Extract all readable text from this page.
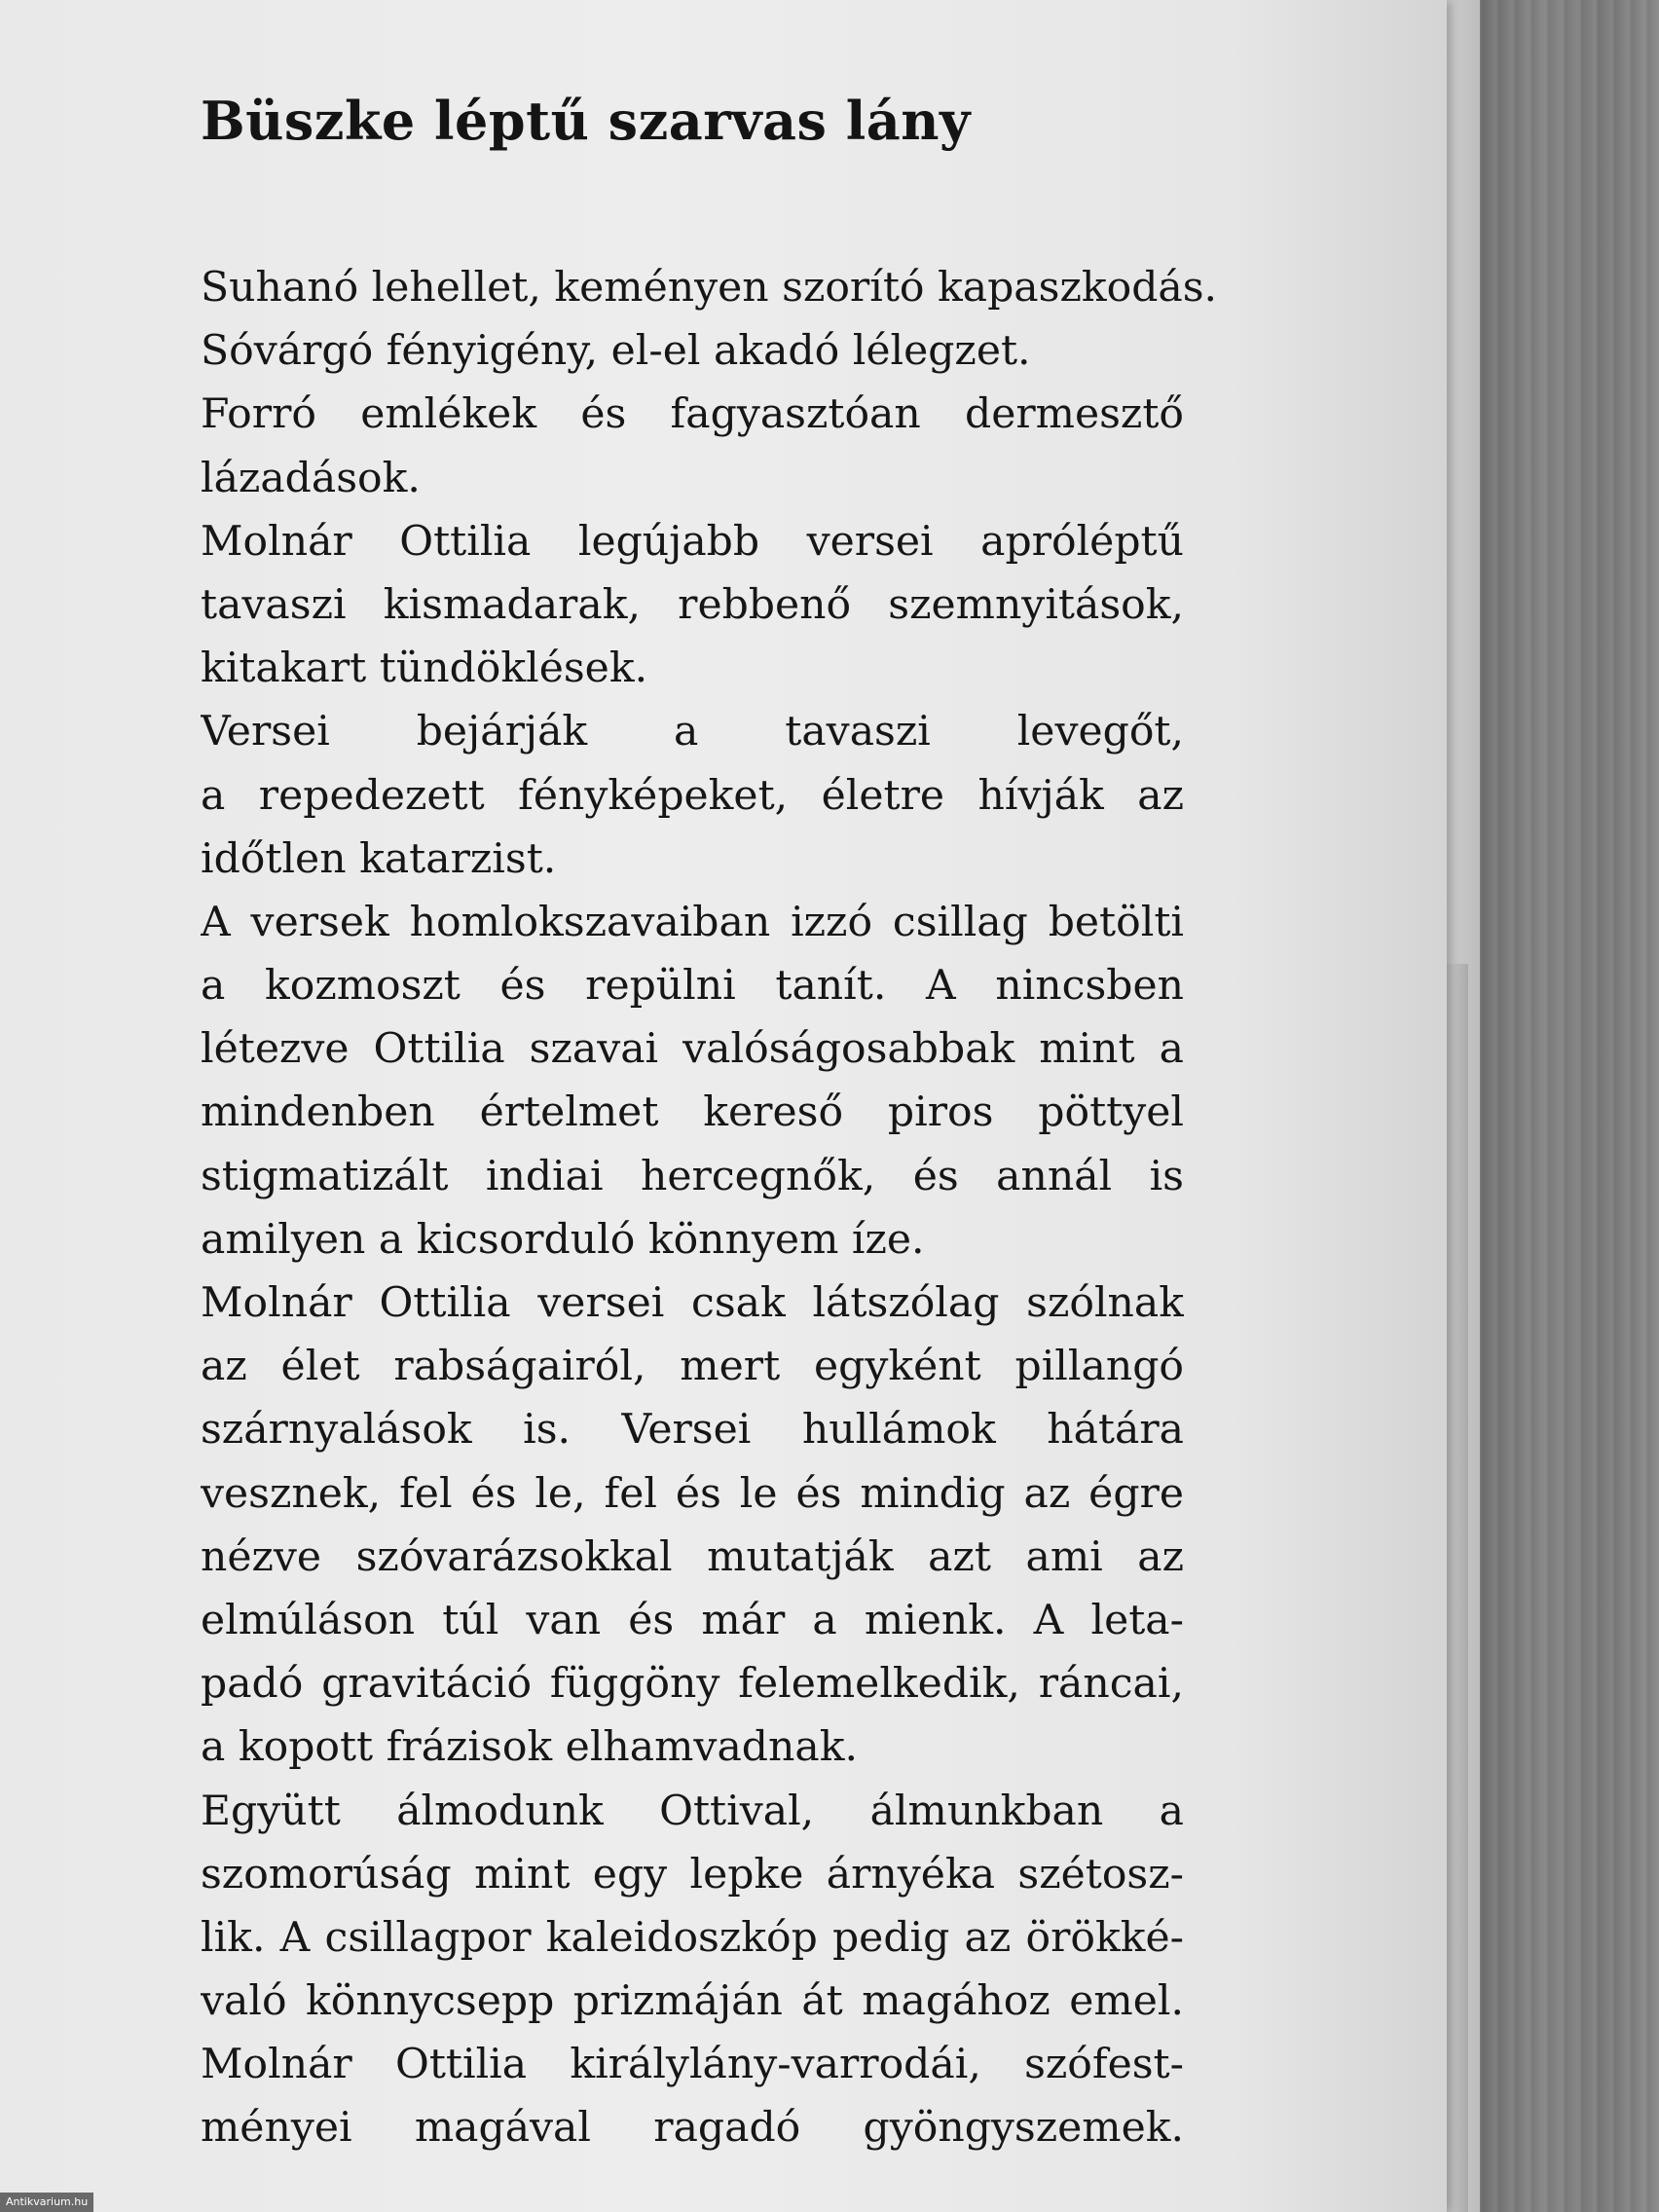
Büszke léptű szarvas lány
Suhanó lehellet, keményen szorító kapaszkodás.
Sóvárgó fényigény, el-el akadó lélegzet.
Forró emlékek és fagyasztóan dermesztő
lázadások.
Molnár Ottilia legújabb versei apróléptű
tavaszi kismadarak, rebbenő szemnyitások,
kitakart tündöklések.
Versei bejárják a tavaszi levegőt,
a repedezett fényképeket, életre hívják az
időtlen katarzist.
A versek homlokszavaiban izzó csillag betölti
a kozmoszt és repülni tanít. A nincsben
létezve Ottilia szavai valóságosabbak mint a
mindenben értelmet kereső piros pöttyel
stigmatizált indiai hercegnők, és annál is
amilyen a kicsorduló könnyem íze.
Molnár Ottilia versei csak látszólag szólnak
az élet rabságairól, mert egyként pillangó
szárnyalások is. Versei hullámok hátára
vesznek, fel és le, fel és le és mindig az égre
nézve szóvarázsokkal mutatják azt ami az
elmúláson túl van és már a mienk. A leta-
padó gravitáció függöny felemelkedik, ráncai,
a kopott frázisok elhamvadnak.
Együtt álmodunk Ottival, álmunkban a
szomorúság mint egy lepke árnyéka szétosz-
lik. A csillagpor kaleidoszkóp pedig az örökké-
való könnycsepp prizmáján át magához emel.
Molnár Ottilia királylány-varrodái, szófest-
ményei magával ragadó gyöngyszemek.
Antikvarium.hu
